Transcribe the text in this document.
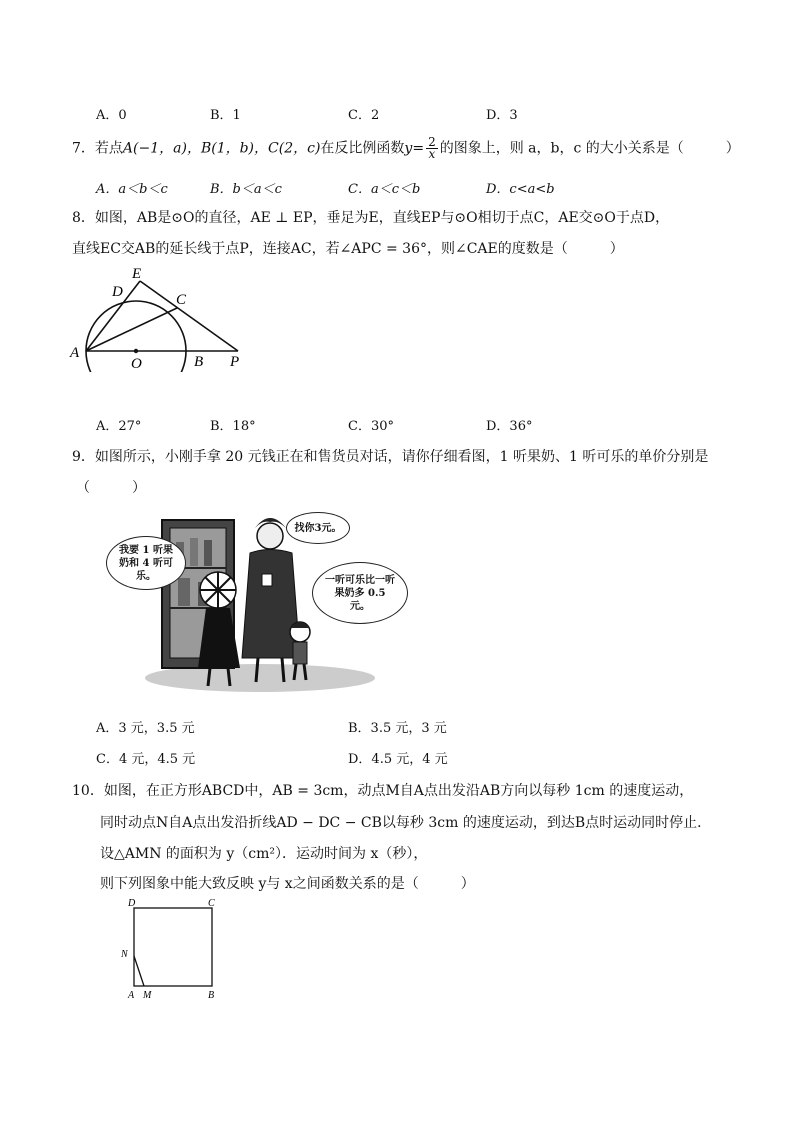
A．0	B．1	C．2	D．3
7．若点A(−1，a)，B(1，b)，C(2，c)在反比例函数$y= \frac{2}{x}$ 的图象上，则 a，b，c 的大小关系是（　　　）
A．a＜b＜c	B．b＜a＜c	C．a＜c＜b	D．c<a<b
8．如图，AB是⊙O的直径，AE ⊥ EP，垂足为E，直线EP与⊙O相切于点C，AE交⊙O于点D，
直线EC交AB的延长线于点P，连接AC，若∠APC = 36°，则∠CAE的度数是（　　　）
E
D	C
A
O	B P
A．27°	B．18°	C．30°	D．36°
9．如图所示，小刚手拿 20 元钱正在和售货员对话，请你仔细看图，1 听果奶、1 听可乐的单价分别是
（　　　）
我要 1 听果奶和 4 听可乐。
找你3元。
一听可乐比一听果奶多 0.5 元。
A．3 元，3.5 元	B．3.5 元，3 元
C．4 元，4.5 元	D．4.5 元，4 元
10．如图，在正方形ABCD中，AB = 3cm，动点M自A点出发沿AB方向以每秒 1cm 的速度运动，
同时动点N自A点出发沿折线AD − DC − CB以每秒 3cm 的速度运动，到达B点时运动同时停止．
设△AMN 的面积为 y（cm²）．运动时间为 x（秒），
则下列图象中能大致反映 y与 x之间函数关系的是（　　　）
D	C
N
A M	B
